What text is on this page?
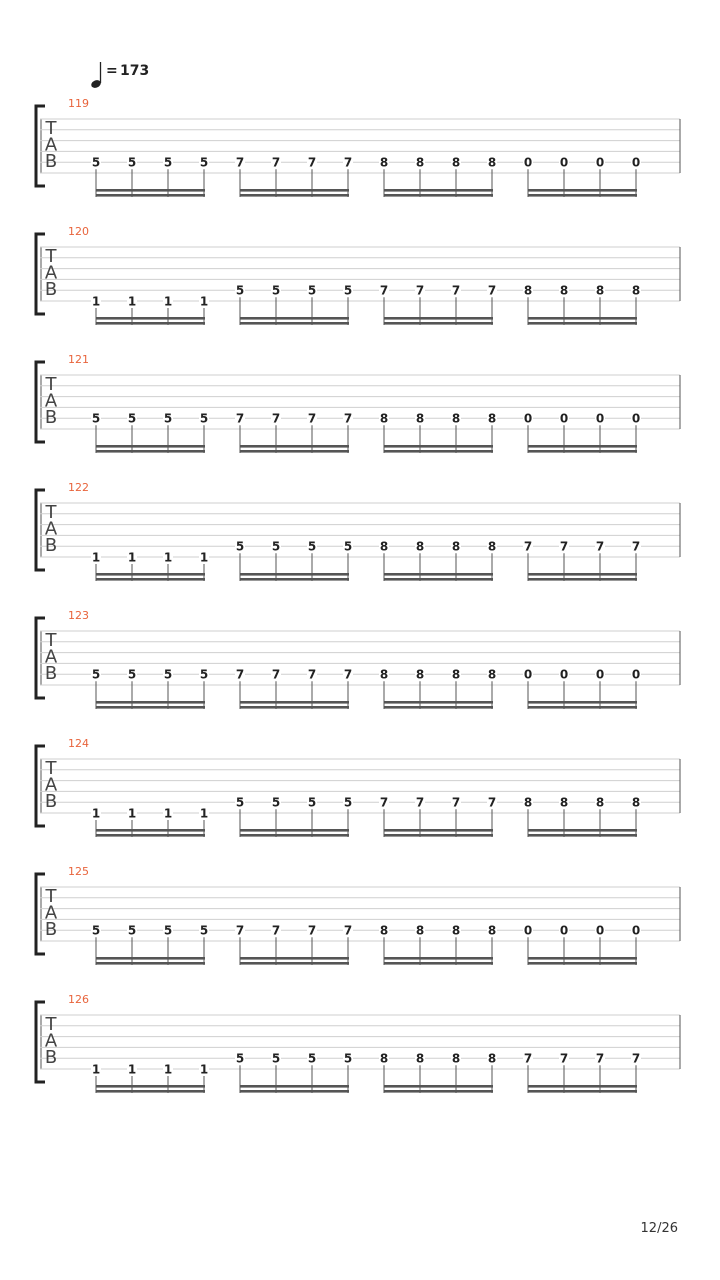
= 173
119
T
A
B	5 5 5 5 7 7 7 7 8 8 8 8 0 0 0 0
120
T
A
B
1 1 1 1
5 5 5 5 7 7 7 7 8 8 8 8
121
T
A
B	5 5 5 5 7 7 7 7 8 8 8 8 0 0 0 0
122
T
A
B
1 1 1 1
5 5 5 5 8 8 8 8 7 7 7 7
123
T
A
B	5 5 5 5 7 7 7 7 8 8 8 8 0 0 0 0
124
T
A
B
1 1 1 1
5 5 5 5 7 7 7 7 8 8 8 8
125
T
A
B	5 5 5 5 7 7 7 7 8 8 8 8 0 0 0 0
126
T
A
B
1 1 1 1
5 5 5 5 8 8 8 8 7 7 7 7
12/26
